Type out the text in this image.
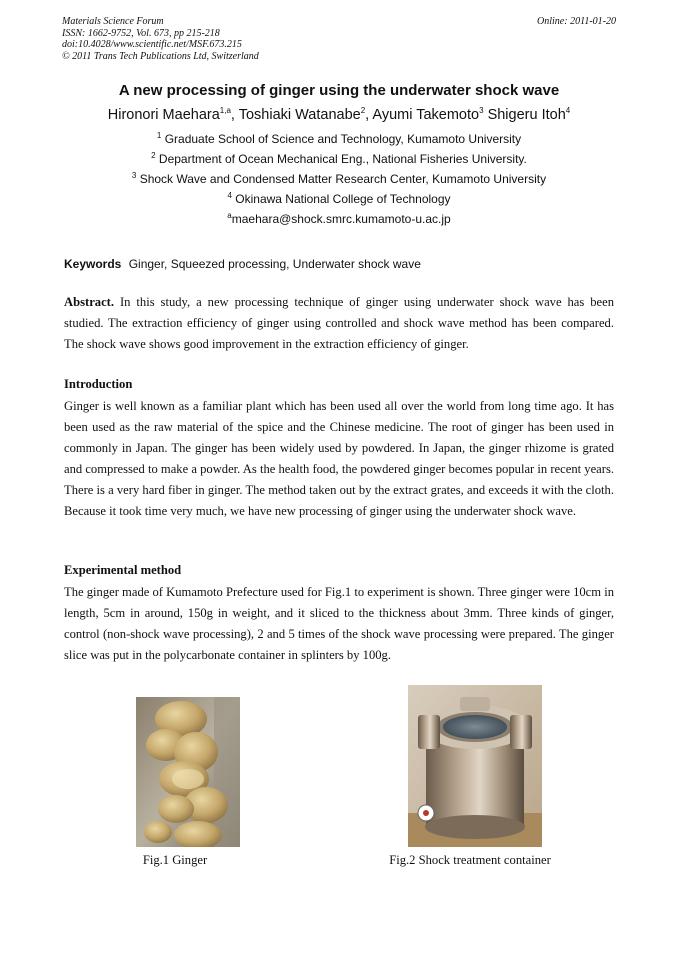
Materials Science Forum
ISSN: 1662-9752, Vol. 673, pp 215-218
doi:10.4028/www.scientific.net/MSF.673.215
© 2011 Trans Tech Publications Ltd, Switzerland
Online: 2011-01-20
A new processing of ginger using the underwater shock wave
Hironori Maehara$^{1,a}$, Toshiaki Watanabe$^2$, Ayumi Takemoto$^3$ Shigeru Itoh$^4$
$^1$ Graduate School of Science and Technology, Kumamoto University
$^2$ Department of Ocean Mechanical Eng., National Fisheries University.
$^3$ Shock Wave and Condensed Matter Research Center, Kumamoto University
$^4$ Okinawa National College of Technology
$^a$maehara@shock.smrc.kumamoto-u.ac.jp
Keywords Ginger, Squeezed processing, Underwater shock wave

Abstract. In this study, a new processing technique of ginger using underwater shock wave has been studied. The extraction efficiency of ginger using controlled and shock wave method has been compared. The shock wave shows good improvement in the extraction efficiency of ginger.

Introduction

Ginger is well known as a familiar plant which has been used all over the world from long time ago. It has been used as the raw material of the spice and the Chinese medicine. The root of ginger has been used in commonly in Japan. The ginger has been widely used by powdered. In Japan, the ginger rhizome is grated and compressed to make a powder. As the health food, the powdered ginger becomes popular in recent years. There is a very hard fiber in ginger. The method taken out by the extract grates, and exceeds it with the cloth. Because it took time very much, we have new processing of ginger using the underwater shock wave.

Experimental method

The ginger made of Kumamoto Prefecture used for Fig.1 to experiment is shown. Three ginger were 10cm in length, 5cm in around, 150g in weight, and it sliced to the thickness about 3mm. Three kinds of ginger, control (non-shock wave processing), 2 and 5 times of the shock wave processing were prepared. The ginger slice was put in the polycarbonate container in splinters by 100g.

Fig.1 Ginger	Fig.2 Shock treatment container
